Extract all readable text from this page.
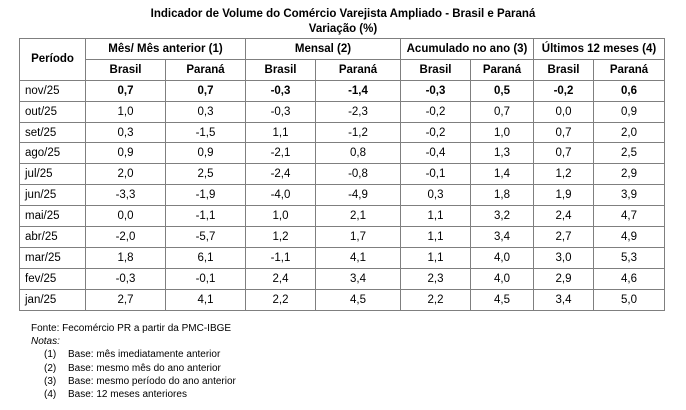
Indicador de Volume do Comércio Varejista Ampliado - Brasil e Paraná
Variação (%)
Período	Mês/ Mês anterior (1)		Mensal (2)		Acumulado no ano (3)		Últimos 12 meses (4)	
	Brasil	Paraná	Brasil	Paraná	Brasil	Paraná	Brasil	Paraná
nov/25	0,7	0,7	-0,3	-1,4	-0,3	0,5	-0,2	0,6
out/25	1,0	0,3	-0,3	-2,3	-0,2	0,7	0,0	0,9
set/25	0,3	-1,5	1,1	-1,2	-0,2	1,0	0,7	2,0
ago/25	0,9	0,9	-2,1	0,8	-0,4	1,3	0,7	2,5
jul/25	2,0	2,5	-2,4	-0,8	-0,1	1,4	1,2	2,9
jun/25	-3,3	-1,9	-4,0	-4,9	0,3	1,8	1,9	3,9
mai/25	0,0	-1,1	1,0	2,1	1,1	3,2	2,4	4,7
abr/25	-2,0	-5,7	1,2	1,7	1,1	3,4	2,7	4,9
mar/25	1,8	6,1	-1,1	4,1	1,1	4,0	3,0	5,3
fev/25	-0,3	-0,1	2,4	3,4	2,3	4,0	2,9	4,6
jan/25	2,7	4,1	2,2	4,5	2,2	4,5	3,4	5,0
Fonte: Fecomércio PR a partir da PMC-IBGE
Notas:
(1) Base: mês imediatamente anterior
(2) Base: mesmo mês do ano anterior
(3) Base: mesmo período do ano anterior
(4) Base: 12 meses anteriores
